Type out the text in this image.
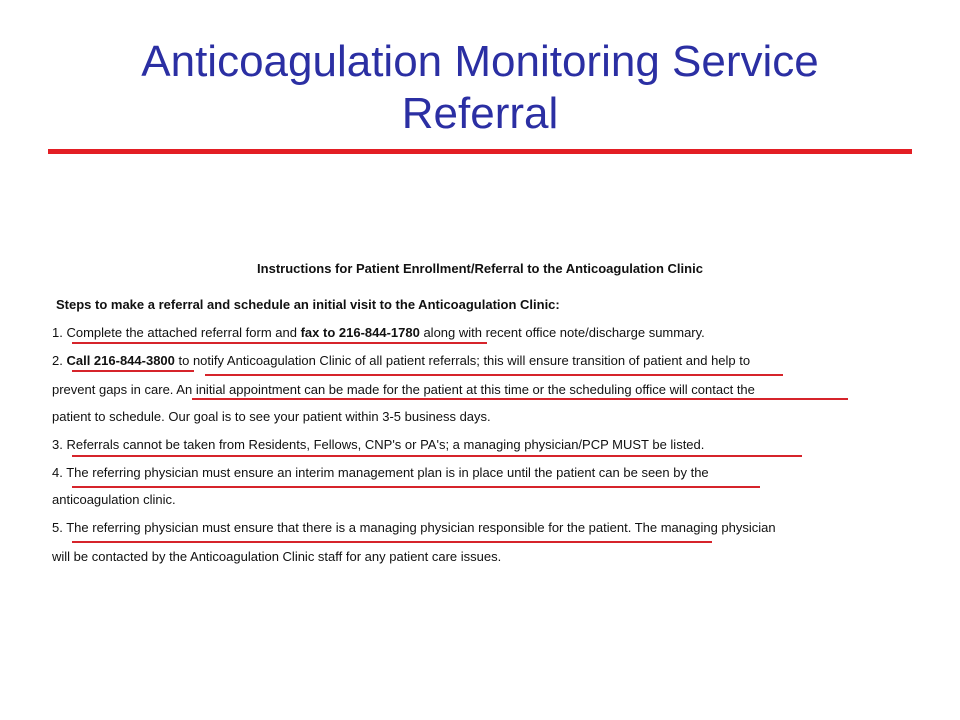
Anticoagulation Monitoring Service Referral
Instructions for Patient Enrollment/Referral to the Anticoagulation Clinic
Steps to make a referral and schedule an initial visit to the Anticoagulation Clinic:
1. Complete the attached referral form and fax to 216-844-1780 along with recent office note/discharge summary.
2. Call 216-844-3800 to notify Anticoagulation Clinic of all patient referrals; this will ensure transition of patient and help to
prevent gaps in care. An initial appointment can be made for the patient at this time or the scheduling office will contact the
patient to schedule. Our goal is to see your patient within 3-5 business days.
3. Referrals cannot be taken from Residents, Fellows, CNP's or PA's; a managing physician/PCP MUST be listed.
4. The referring physician must ensure an interim management plan is in place until the patient can be seen by the
anticoagulation clinic.
5. The referring physician must ensure that there is a managing physician responsible for the patient. The managing physician
will be contacted by the Anticoagulation Clinic staff for any patient care issues.
